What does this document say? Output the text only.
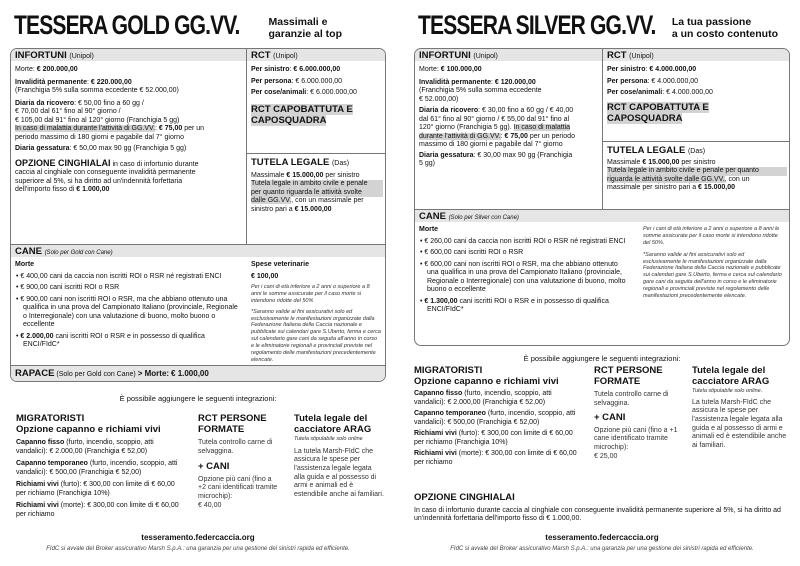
TESSERA GOLD GG.VV.	Massimali e
garanzie al top
INFORTUNI (Unipol)	RCT (Unipol)
Morte: € 200.000,00
Invalidità permanente: € 220.000,00
(Franchigia 5% sulla somma eccedente € 52.000,00)
Diaria da ricovero: € 50,00 fino a 60 gg /
€ 70,00 dal 61° fino al 90° giorno /
€ 105,00 dal 91° fino al 120° giorno (Franchigia 5 gg)
In caso di malattia durante l'attività di GG.VV.: € 75,00 per un
periodo massimo di 180 giorni e pagabile dal 7° giorno
Diaria gessatura: € 50,00 max 90 gg (Franchigia 5 gg)
OPZIONE CINGHIALAI in caso di infortunio durante
caccia al cinghiale con conseguente invalidità permanente
superiore al 5%, si ha diritto ad un'indennità forfettaria
dell'importo fisso di € 1.000,00
Per sinistro: € 6.000.000,00
Per persona: € 6.000.000,00
Per cose/animali: € 6.000.000,00
RCT CAPOBATTUTA E
CAPOSQUADRA
TUTELA LEGALE (Das)
Massimale € 15.000,00 per sinistro
Tutela legale in ambito civile e penale
per quanto riguarda le attività svolte
dalle GG.VV., con un massimale per
sinistro pari a € 15.000,00
CANE (Solo per Gold con Cane)
Morte
• € 400,00 cani da caccia non iscritti ROI o RSR né registrati ENCI
• € 900,00 cani iscritti ROI o RSR
• € 900,00 cani non iscritti ROI o RSR, ma che abbiano ottenuto una qualifica in una prova del Campionato Italiano (provinciale, Regionale o Interregionale) con una valutazione di buono, molto buono o eccellente
• € 2.000,00 cani iscritti ROI o RSR e in possesso di qualifica ENCI/FIdC*
Spese veterinarie
€ 100,00
Per i cani di età inferiore a 2 anni o superiore a 8 anni le somme assicurate per il caso morte si intendono ridotte del 50%
*Saranno valide ai fini assicurativi solo ed esclusivamente le manifestazioni organizzate dalla Federazione Italiana della Caccia nazionale e pubblicate sui calendari gare S.Uberto, ferma e cerca sul calendario gare cani da seguita all'anno in corso e le eliminatorie regionali e provinciali previste nel regolamento delle manifestazioni precedentemente elencate.
RAPACE (Solo per Gold con Cane) > Morte: € 1.000,00
È possibile aggiungere le seguenti integrazioni:
MIGRATORISTI
Opzione capanno e richiami vivi
Capanno fisso (furto, incendio, scoppio, atti vandalici): € 2.000,00 (Franchigia € 52,00)
Capanno temporaneo (furto, incendio, scoppio, atti vandalici): € 500,00 (Franchigia € 52,00)
Richiami vivi (furto): € 300,00 con limite di € 60,00 per richiamo (Franchigia 10%)
Richiami vivi (morte): € 300,00 con limite di € 60,00 per richiamo
RCT PERSONE
FORMATE
Tutela controllo carne di selvaggina.
+ CANI
Opzione più cani (fino a +2 cani identificati tramite microchip):
€ 40,00
Tutela legale del
cacciatore ARAG
Tutela stipulabile solo online
La tutela Marsh-FIdC che assicura le spese per l'assistenza legale legata alla guida e al possesso di armi e animali ed è estendibile anche ai familiari.
tesseramento.federcaccia.org
FIdC si avvale del Broker assicurativo Marsh S.p.A.: una garanzia per una gestione dei sinistri rapida ed efficiente.
TESSERA SILVER GG.VV. La tua passione
a un costo contenuto
INFORTUNI (Unipol)	RCT (Unipol)
Morte: € 100.000,00
Invalidità permanente: € 120.000,00
(Franchigia 5% sulla somma eccedente
€ 52.000,00)
Diaria da ricovero: € 30,00 fino a 60 gg / € 40,00
dal 61° fino al 90° giorno / € 55,00 dal 91° fino al
120° giorno (Franchigia 5 gg). In caso di malattia
durante l'attività di GG.VV.: € 75,00 per un periodo
massimo di 180 giorni e pagabile dal 7° giorno
Diaria gessatura: € 30,00 max 90 gg (Franchigia
5 gg)
Per sinistro: € 4.000.000,00
Per persona: € 4.000.000,00
Per cose/animali: € 4.000.000,00
RCT CAPOBATTUTA E
CAPOSQUADRA
TUTELA LEGALE (Das)
Massimale € 15.000,00 per sinistro
Tutela legale in ambito civile e penale per quanto
riguarda le attività svolte dalle GG.VV., con un
massimale per sinistro pari a € 15.000,00
CANE (Solo per Silver con Cane)
Morte
• € 260,00 cani da caccia non iscritti ROI o RSR né registrati ENCI
• € 600,00 cani iscritti ROI o RSR
• € 600,00 cani non iscritti ROI o RSR, ma che abbiano ottenuto una qualifica in una prova del Campionato Italiano (provinciale, Regionale o Interregionale) con una valutazione di buono, molto buono o eccellente
• € 1.300,00 cani iscritti ROI o RSR e in possesso di qualifica ENCI/FIdC*
Per i cani di età inferiore a 2 anni o superiore a 8 anni le somme assicurate per il caso morte si intendono ridotte del 50%.
*Saranno valide ai fini assicurativi solo ed esclusivamente le manifestazioni organizzate dalla Federazione Italiana della Caccia nazionale e pubblicate sui calendari gare S.Uberto, ferma e cerca sul calendario gare cani da seguita dell'anno in corso e le eliminatorie regionali e provinciali previste nel regolamento delle manifestazioni precedentemente elencate.
È possibile aggiungere le seguenti integrazioni:
MIGRATORISTI
Opzione capanno e richiami vivi
Capanno fisso (furto, incendio, scoppio, atti vandalici): € 2.000,00 (Franchigia € 52,00)
Capanno temporaneo (furto, incendio, scoppio, atti vandalici): € 500,00 (Franchigia € 52,00)
Richiami vivi (furto): € 300,00 con limite di € 60,00 per richiamo (Franchigia 10%)
Richiami vivi (morte): € 300,00 con limite di € 60,00 per richiamo
RCT PERSONE
FORMATE
Tutela controllo carne di selvaggina.
+ CANI
Opzione più cani (fino a +1 cane identificato tramite microchip):
€ 25,00
Tutela legale del
cacciatore ARAG
Tutela stipulabile solo online.
La tutela Marsh-FIdC che assicura le spese per l'assistenza legale legata alla guida e al possesso di armi e animali ed è estendibile anche ai familiari.
OPZIONE CINGHIALAI
In caso di infortunio durante caccia al cinghiale con conseguente invalidità permanente superiore al 5%, si ha diritto ad un'indennità forfettaria dell'importo fisso di € 1.000,00.
tesseramento.federcaccia.org
FIdC si avvale del Broker assicurativo Marsh S.p.A.: una garanzia per una gestione dei sinistri rapida ed efficiente.
